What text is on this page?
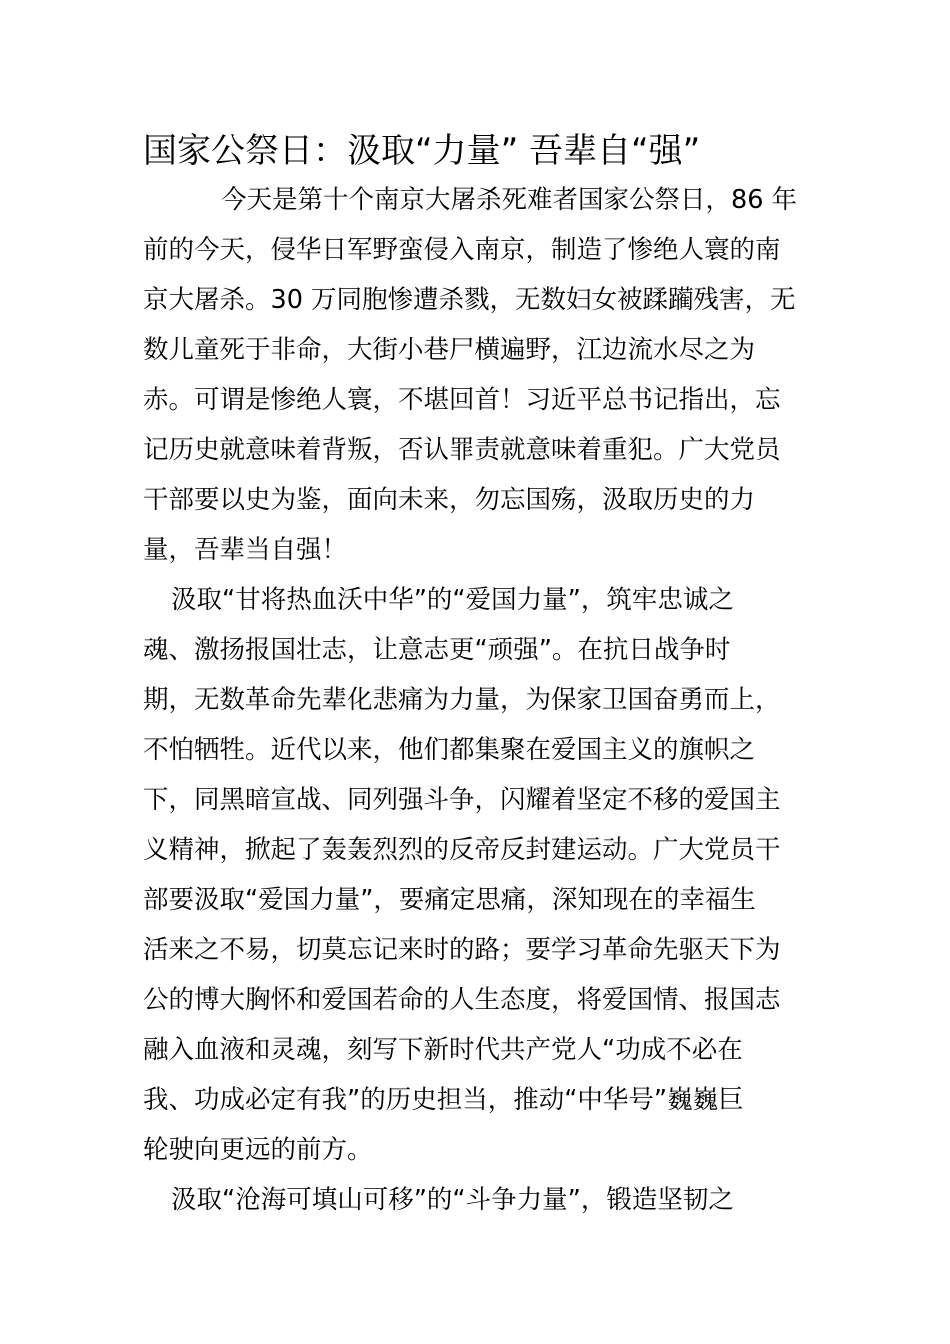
国家公祭日：汲取“力量” 吾辈自“强”
今天是第十个南京大屠杀死难者国家公祭日，86 年
前的今天，侵华日军野蛮侵入南京，制造了惨绝人寰的南
京大屠杀。30 万同胞惨遭杀戮，无数妇女被蹂躏残害，无
数儿童死于非命，大街小巷尸横遍野，江边流水尽之为
赤。可谓是惨绝人寰，不堪回首！习近平总书记指出，忘
记历史就意味着背叛，否认罪责就意味着重犯。广大党员
干部要以史为鉴，面向未来，勿忘国殇，汲取历史的力
量，吾辈当自强！
汲取“甘将热血沃中华”的“爱国力量”，筑牢忠诚之
魂、激扬报国壮志，让意志更“顽强”。在抗日战争时
期，无数革命先辈化悲痛为力量，为保家卫国奋勇而上，
不怕牺牲。近代以来，他们都集聚在爱国主义的旗帜之
下，同黑暗宣战、同列强斗争，闪耀着坚定不移的爱国主
义精神，掀起了轰轰烈烈的反帝反封建运动。广大党员干
部要汲取“爱国力量”，要痛定思痛，深知现在的幸福生
活来之不易，切莫忘记来时的路；要学习革命先驱天下为
公的博大胸怀和爱国若命的人生态度，将爱国情、报国志
融入血液和灵魂，刻写下新时代共产党人“功成不必在
我、功成必定有我”的历史担当，推动“中华号”巍巍巨
轮驶向更远的前方。
汲取“沧海可填山可移”的“斗争力量”，锻造坚韧之
